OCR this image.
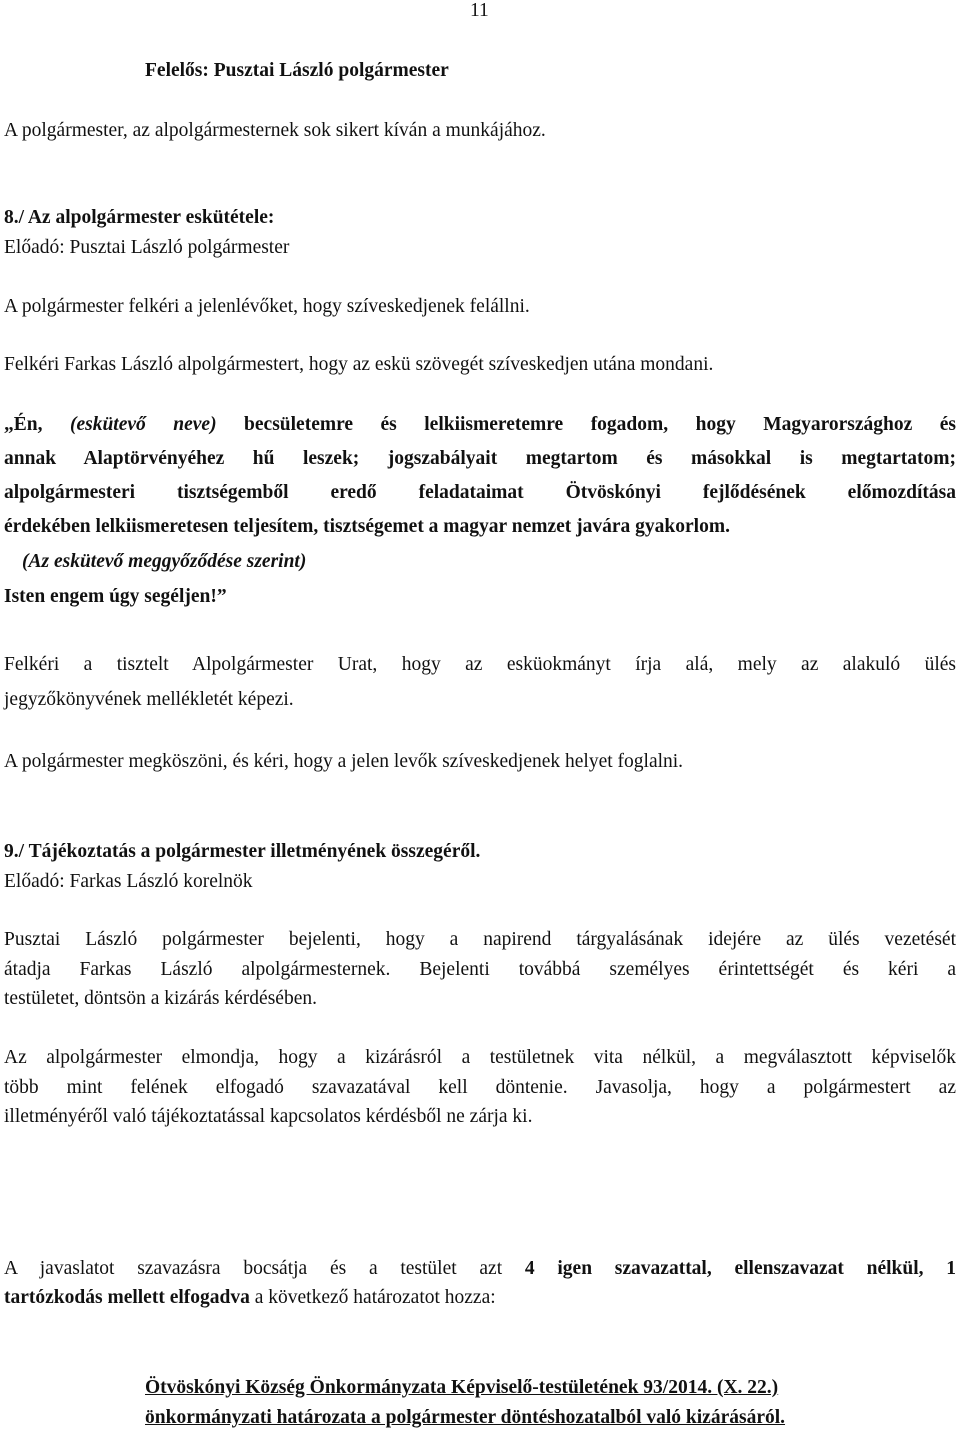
11
Felelős: Pusztai László polgármester
A polgármester, az alpolgármesternek sok sikert kíván a munkájához.
8./ Az alpolgármester eskütétele:
Előadó: Pusztai László polgármester
A polgármester felkéri a jelenlévőket, hogy szíveskedjenek felállni.
Felkéri Farkas László alpolgármestert, hogy az eskü szövegét szíveskedjen utána mondani.
„Én, (eskütevő neve) becsületemre és lelkiismeretemre fogadom, hogy Magyarországhoz és
annak Alaptörvényéhez hű leszek; jogszabályait megtartom és másokkal is megtartatom;
alpolgármesteri tisztségemből eredő feladataimat Ötvöskónyi fejlődésének előmozdítása
érdekében lelkiismeretesen teljesítem, tisztségemet a magyar nemzet javára gyakorlom.
(Az eskütevő meggyőződése szerint)
Isten engem úgy segéljen!”
Felkéri a tisztelt Alpolgármester Urat, hogy az esküokmányt írja alá, mely az alakuló ülés
jegyzőkönyvének mellékletét képezi.
A polgármester megköszöni, és kéri, hogy a jelen levők szíveskedjenek helyet foglalni.
9./ Tájékoztatás a polgármester illetményének összegéről.
Előadó: Farkas László korelnök
Pusztai László polgármester bejelenti, hogy a napirend tárgyalásának idejére az ülés vezetését
átadja Farkas László alpolgármesternek. Bejelenti továbbá személyes érintettségét és kéri a
testületet, döntsön a kizárás kérdésében.
Az alpolgármester elmondja, hogy a kizárásról a testületnek vita nélkül, a megválasztott képviselők
több mint felének elfogadó szavazatával kell döntenie. Javasolja, hogy a polgármestert az
illetményéről való tájékoztatással kapcsolatos kérdésből ne zárja ki.
A javaslatot szavazásra bocsátja és a testület azt 4 igen szavazattal, ellenszavazat nélkül, 1
tartózkodás mellett elfogadva a következő határozatot hozza:
Ötvöskónyi Község Önkormányzata Képviselő-testületének 93/2014. (X. 22.)
önkormányzati határozata a polgármester döntéshozatalból való kizárásáról.
